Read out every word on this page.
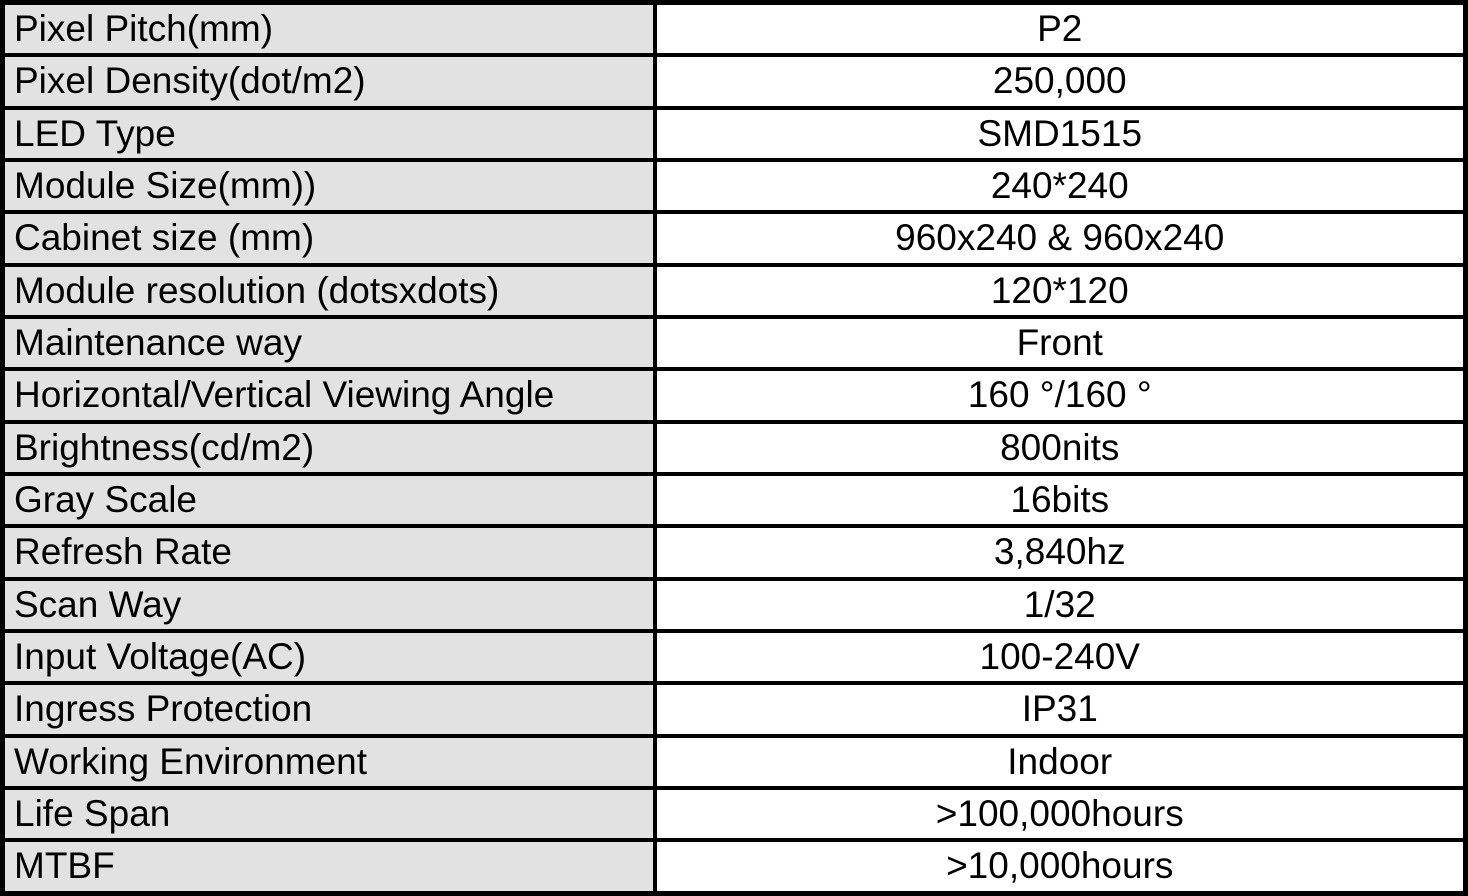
Pixel Pitch(mm)	P2
Pixel Density(dot/m2)	250,000
LED Type	SMD1515
Module Size(mm))	240*240
Cabinet size (mm)	960x240 & 960x240
Module resolution (dotsxdots)	120*120
Maintenance way	Front
Horizontal/Vertical Viewing Angle	160 °/160 °
Brightness(cd/m2)	800nits
Gray Scale	16bits
Refresh Rate	3,840hz
Scan Way	1/32
Input Voltage(AC)	100-240V
Ingress Protection	IP31
Working Environment	Indoor
Life Span	>100,000hours
MTBF	>10,000hours
